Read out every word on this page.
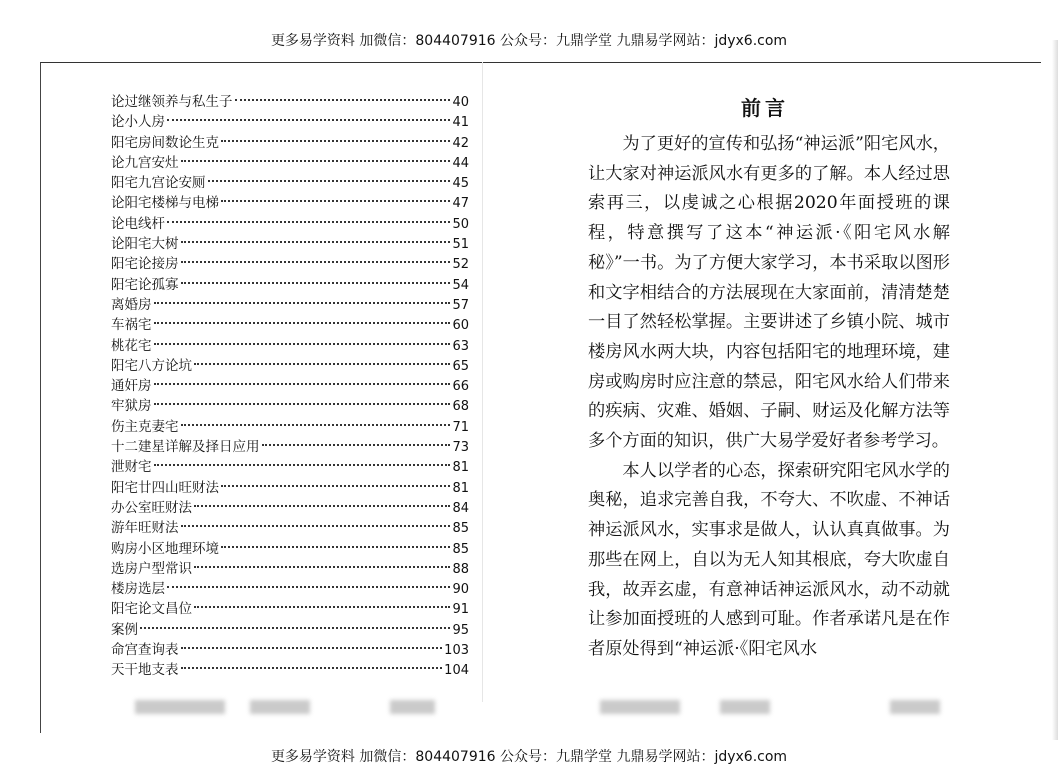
更多易学资料 加微信：804407916 公众号：九鼎学堂 九鼎易学网站：jdyx6.com
论过继领养与私生子	40
论小人房	41
阳宅房间数论生克	42
论九宫安灶	44
阳宅九宫论安厕	45
论阳宅楼梯与电梯	47
论电线杆	50
论阳宅大树	51
阳宅论接房	52
阳宅论孤寡	54
离婚房	57
车祸宅	60
桃花宅	63
阳宅八方论坑	65
通奸房	66
牢狱房	68
伤主克妻宅	71
十二建星详解及择日应用	73
泄财宅	81
阳宅廿四山旺财法	81
办公室旺财法	84
游年旺财法	85
购房小区地理环境	85
选房户型常识	88
楼房选层	90
阳宅论文昌位	91
案例	95
命宫查询表	103
天干地支表	104
前言

为了更好的宣传和弘扬“神运派”阳宅风水，让大家对神运派风水有更多的了解。本人经过思索再三，以虔诚之心根据2020年面授班的课程，特意撰写了这本“神运派·《阳宅风水解秘》”一书。为了方便大家学习，本书采取以图形和文字相结合的方法展现在大家面前，清清楚楚一目了然轻松掌握。主要讲述了乡镇小院、城市楼房风水两大块，内容包括阳宅的地理环境，建房或购房时应注意的禁忌，阳宅风水给人们带来的疾病、灾难、婚姻、子嗣、财运及化解方法等多个方面的知识，供广大易学爱好者参考学习。

本人以学者的心态，探索研究阳宅风水学的奥秘，追求完善自我，不夸大、不吹虚、不神话神运派风水，实事求是做人，认认真真做事。为那些在网上，自以为无人知其根底，夸大吹虚自我，故弄玄虚，有意神话神运派风水，动不动就让参加面授班的人感到可耻。作者承诺凡是在作者原处得到“神运派·《阳宅风水

更多易学资料 加微信：804407916 公众号：九鼎学堂 九鼎易学网站：jdyx6.com
